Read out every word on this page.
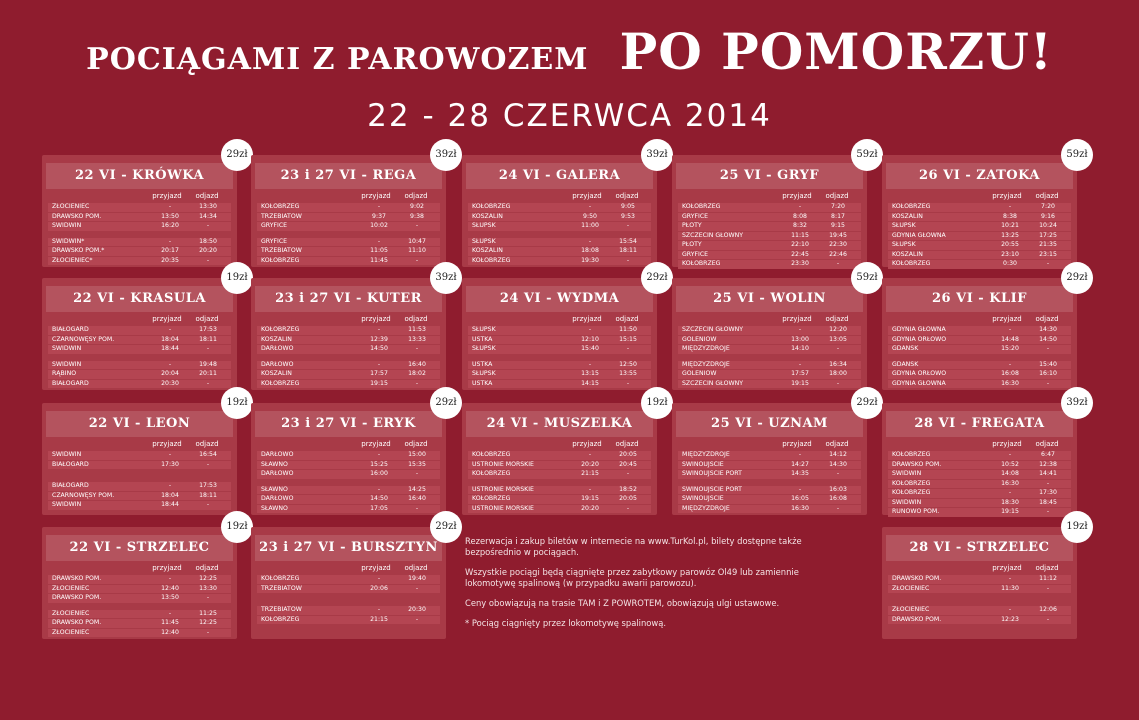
POCIĄGAMI Z PAROWOZEM PO POMORZU!
22 - 28 CZERWCA 2014
22 VI - KRÓWKA
przyjazd	odjazd
ZŁOCIENIEC	-	13:30
DRAWSKO POM.	13:50	14:34
ŚWIDWIN	16:20	-
ŚWIDWIN*	-	18:50
DRAWSKO POM.*	20:17	20:20
ZŁOCIENIEC*	20:35	-
29zł
23 i 27 VI - REGA
przyjazd	odjazd
KOŁOBRZEG	-	9:02
TRZEBIATÓW	9:37	9:38
GRYFICE	10:02	-
GRYFICE	-	10:47
TRZEBIATÓW	11:05	11:10
KOŁOBRZEG	11:45	-
39zł
24 VI - GALERA
przyjazd	odjazd
KOŁOBRZEG	-	9:05
KOSZALIN	9:50	9:53
SŁUPSK	11:00	-
SŁUPSK	-	15:54
KOSZALIN	18:08	18:11
KOŁOBRZEG	19:30	-
39zł
25 VI - GRYF
przyjazd	odjazd
KOŁOBRZEG	-	7:20
GRYFICE	8:08	8:17
PŁOTY	8:32	9:15
SZCZECIN GŁÓWNY	11:15	19:45
PŁOTY	22:10	22:30
GRYFICE	22:45	22:46
KOŁOBRZEG	23:30	-
59zł
26 VI - ZATOKA
przyjazd	odjazd
KOŁOBRZEG	-	7:20
KOSZALIN	8:38	9:16
SŁUPSK	10:21	10:24
GDYNIA GŁÓWNA	13:25	17:25
SŁUPSK	20:55	21:35
KOSZALIN	23:10	23:15
KOŁOBRZEG	0:30	-
59zł
22 VI - KRASULA
przyjazd	odjazd
BIAŁOGARD	-	17:53
CZARNOWĘSY POM.	18:04	18:11
ŚWIDWIN	18:44	-
ŚWIDWIN	-	19:48
RĄBINO	20:04	20:11
BIAŁOGARD	20:30	-
19zł
23 i 27 VI - KUTER
przyjazd	odjazd
KOŁOBRZEG	-	11:53
KOSZALIN	12:39	13:33
DARŁOWO	14:50	-
DARŁOWO	-	16:40
KOSZALIN	17:57	18:02
KOŁOBRZEG	19:15	-
39zł
24 VI - WYDMA
przyjazd	odjazd
SŁUPSK	-	11:50
USTKA	12:10	15:15
SŁUPSK	15:40	-
USTKA	-	12:50
SŁUPSK	13:15	13:55
USTKA	14:15	-
29zł
25 VI - WOLIN
przyjazd	odjazd
SZCZECIN GŁÓWNY	-	12:20
GOLENIÓW	13:00	13:05
MIĘDZYZDROJE	14:10	-
MIĘDZYZDROJE	-	16:34
GOLENIÓW	17:57	18:00
SZCZECIN GŁÓWNY	19:15	-
59zł
26 VI - KLIF
przyjazd	odjazd
GDYNIA GŁÓWNA	-	14:30
GDYNIA ORŁOWO	14:48	14:50
GDAŃSK	15:20	-
GDAŃSK	-	15:40
GDYNIA ORŁOWO	16:08	16:10
GDYNIA GŁÓWNA	16:30	-
29zł
22 VI - LEON
przyjazd	odjazd
ŚWIDWIN	-	16:54
BIAŁOGARD	17:30	-
BIAŁOGARD	-	17:53
CZARNOWĘSY POM.	18:04	18:11
ŚWIDWIN	18:44	-
19zł
23 i 27 VI - ERYK
przyjazd	odjazd
DARŁOWO	-	15:00
SŁAWNO	15:25	15:35
DARŁOWO	16:00	-
SŁAWNO	-	14:25
DARŁOWO	14:50	16:40
SŁAWNO	17:05	-
29zł
24 VI - MUSZELKA
przyjazd	odjazd
KOŁOBRZEG	-	20:05
USTRONIE MORSKIE	20:20	20:45
KOŁOBRZEG	21:15	-
USTRONIE MORSKIE	-	18:52
KOŁOBRZEG	19:15	20:05
USTRONIE MORSKIE	20:20	-
19zł
25 VI - UZNAM
przyjazd	odjazd
MIĘDZYZDROJE	-	14:12
ŚWINOUJŚCIE	14:27	14:30
ŚWINOUJŚCIE PORT	14:35	-
ŚWINOUJŚCIE PORT	-	16:03
ŚWINOUJŚCIE	16:05	16:08
MIĘDZYZDROJE	16:30	-
29zł
28 VI - FREGATA
przyjazd	odjazd
KOŁOBRZEG	-	6:47
DRAWSKO POM.	10:52	12:38
ŚWIDWIN	14:08	14:41
KOŁOBRZEG	16:30	-
KOŁOBRZEG	-	17:30
ŚWIDWIN	18:30	18:45
RUNOWO POM.	19:15	-
39zł
22 VI - STRZELEC
przyjazd	odjazd
DRAWSKO POM.	-	12:25
ZŁOCIENIEC	12:40	13:30
DRAWSKO POM.	13:50	-
ZŁOCIENIEC	-	11:25
DRAWSKO POM.	11:45	12:25
ZŁOCIENIEC	12:40	-
19zł
23 i 27 VI - BURSZTYN
przyjazd	odjazd
KOŁOBRZEG	-	19:40
TRZEBIATÓW	20:06	-
TRZEBIATÓW	-	20:30
KOŁOBRZEG	21:15	-
29zł
28 VI - STRZELEC
przyjazd	odjazd
DRAWSKO POM.	-	11:12
ZŁOCIENIEC	11:30	-
ZŁOCIENIEC	-	12:06
DRAWSKO POM.	12:23	-
19zł

Rezerwacja i zakup biletów w internecie na www.TurKol.pl, bilety dostępne także bezpośrednio w pociągach.

Wszystkie pociągi będą ciągnięte przez zabytkowy parowóz Ol49 lub zamiennie lokomotywę spalinową (w przypadku awarii parowozu).

Ceny obowiązują na trasie TAM i Z POWROTEM, obowiązują ulgi ustawowe.

* Pociąg ciągnięty przez lokomotywę spalinową.
